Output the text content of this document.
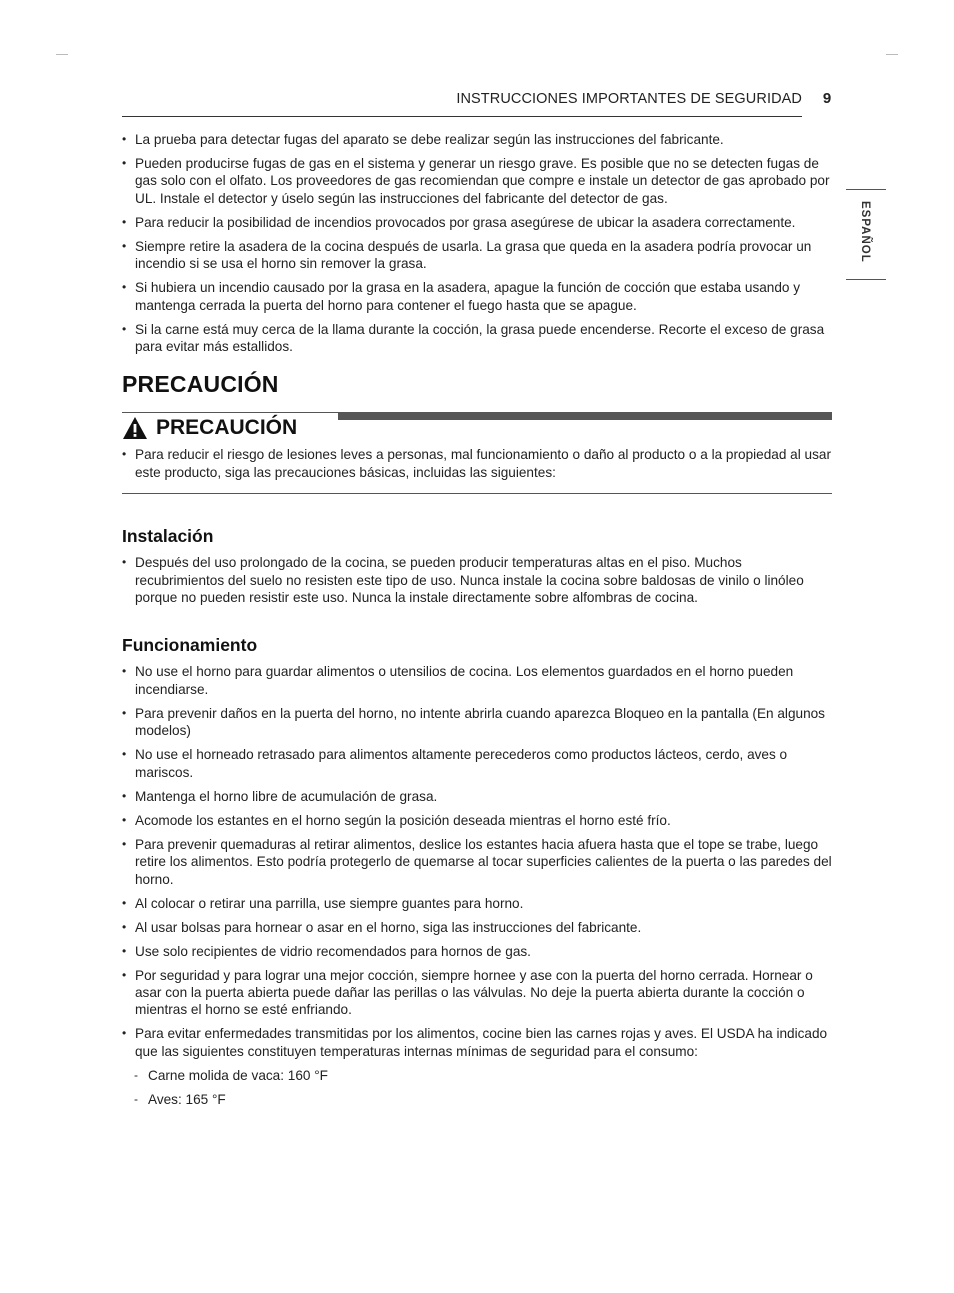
INSTRUCCIONES IMPORTANTES DE SEGURIDAD	9
ESPAÑOL
• La prueba para detectar fugas del aparato se debe realizar según las instrucciones del fabricante.
• Pueden producirse fugas de gas en el sistema y generar un riesgo grave. Es posible que no se detecten fugas de gas solo con el olfato. Los proveedores de gas recomiendan que compre e instale un detector de gas aprobado por UL. Instale el detector y úselo según las instrucciones del fabricante del detector de gas.
• Para reducir la posibilidad de incendios provocados por grasa asegúrese de ubicar la asadera correctamente.
• Siempre retire la asadera de la cocina después de usarla. La grasa que queda en la asadera podría provocar un incendio si se usa el horno sin remover la grasa.
• Si hubiera un incendio causado por la grasa en la asadera, apague la función de cocción que estaba usando y mantenga cerrada la puerta del horno para contener el fuego hasta que se apague.
• Si la carne está muy cerca de la llama durante la cocción, la grasa puede encenderse. Recorte el exceso de grasa para evitar más estallidos.
PRECAUCIÓN
PRECAUCIÓN
• Para reducir el riesgo de lesiones leves a personas, mal funcionamiento o daño al producto o a la propiedad al usar este producto, siga las precauciones básicas, incluidas las siguientes:
Instalación
• Después del uso prolongado de la cocina, se pueden producir temperaturas altas en el piso. Muchos recubrimientos del suelo no resisten este tipo de uso. Nunca instale la cocina sobre baldosas de vinilo o linóleo porque no pueden resistir este uso. Nunca la instale directamente sobre alfombras de cocina.
Funcionamiento
• No use el horno para guardar alimentos o utensilios de cocina. Los elementos guardados en el horno pueden incendiarse.
• Para prevenir daños en la puerta del horno, no intente abrirla cuando aparezca Bloqueo en la pantalla (En algunos modelos)
• No use el horneado retrasado para alimentos altamente perecederos como productos lácteos, cerdo, aves o mariscos.
• Mantenga el horno libre de acumulación de grasa.
• Acomode los estantes en el horno según la posición deseada mientras el horno esté frío.
• Para prevenir quemaduras al retirar alimentos, deslice los estantes hacia afuera hasta que el tope se trabe, luego retire los alimentos. Esto podría protegerlo de quemarse al tocar superficies calientes de la puerta o las paredes del horno.
• Al colocar o retirar una parrilla, use siempre guantes para horno.
• Al usar bolsas para hornear o asar en el horno, siga las instrucciones del fabricante.
• Use solo recipientes de vidrio recomendados para hornos de gas.
• Por seguridad y para lograr una mejor cocción, siempre hornee y ase con la puerta del horno cerrada. Hornear o asar con la puerta abierta puede dañar las perillas o las válvulas. No deje la puerta abierta durante la cocción o mientras el horno se esté enfriando.
• Para evitar enfermedades transmitidas por los alimentos, cocine bien las carnes rojas y aves. El USDA ha indicado que las siguientes constituyen temperaturas internas mínimas de seguridad para el consumo:
- Carne molida de vaca: 160 °F
- Aves: 165 °F
